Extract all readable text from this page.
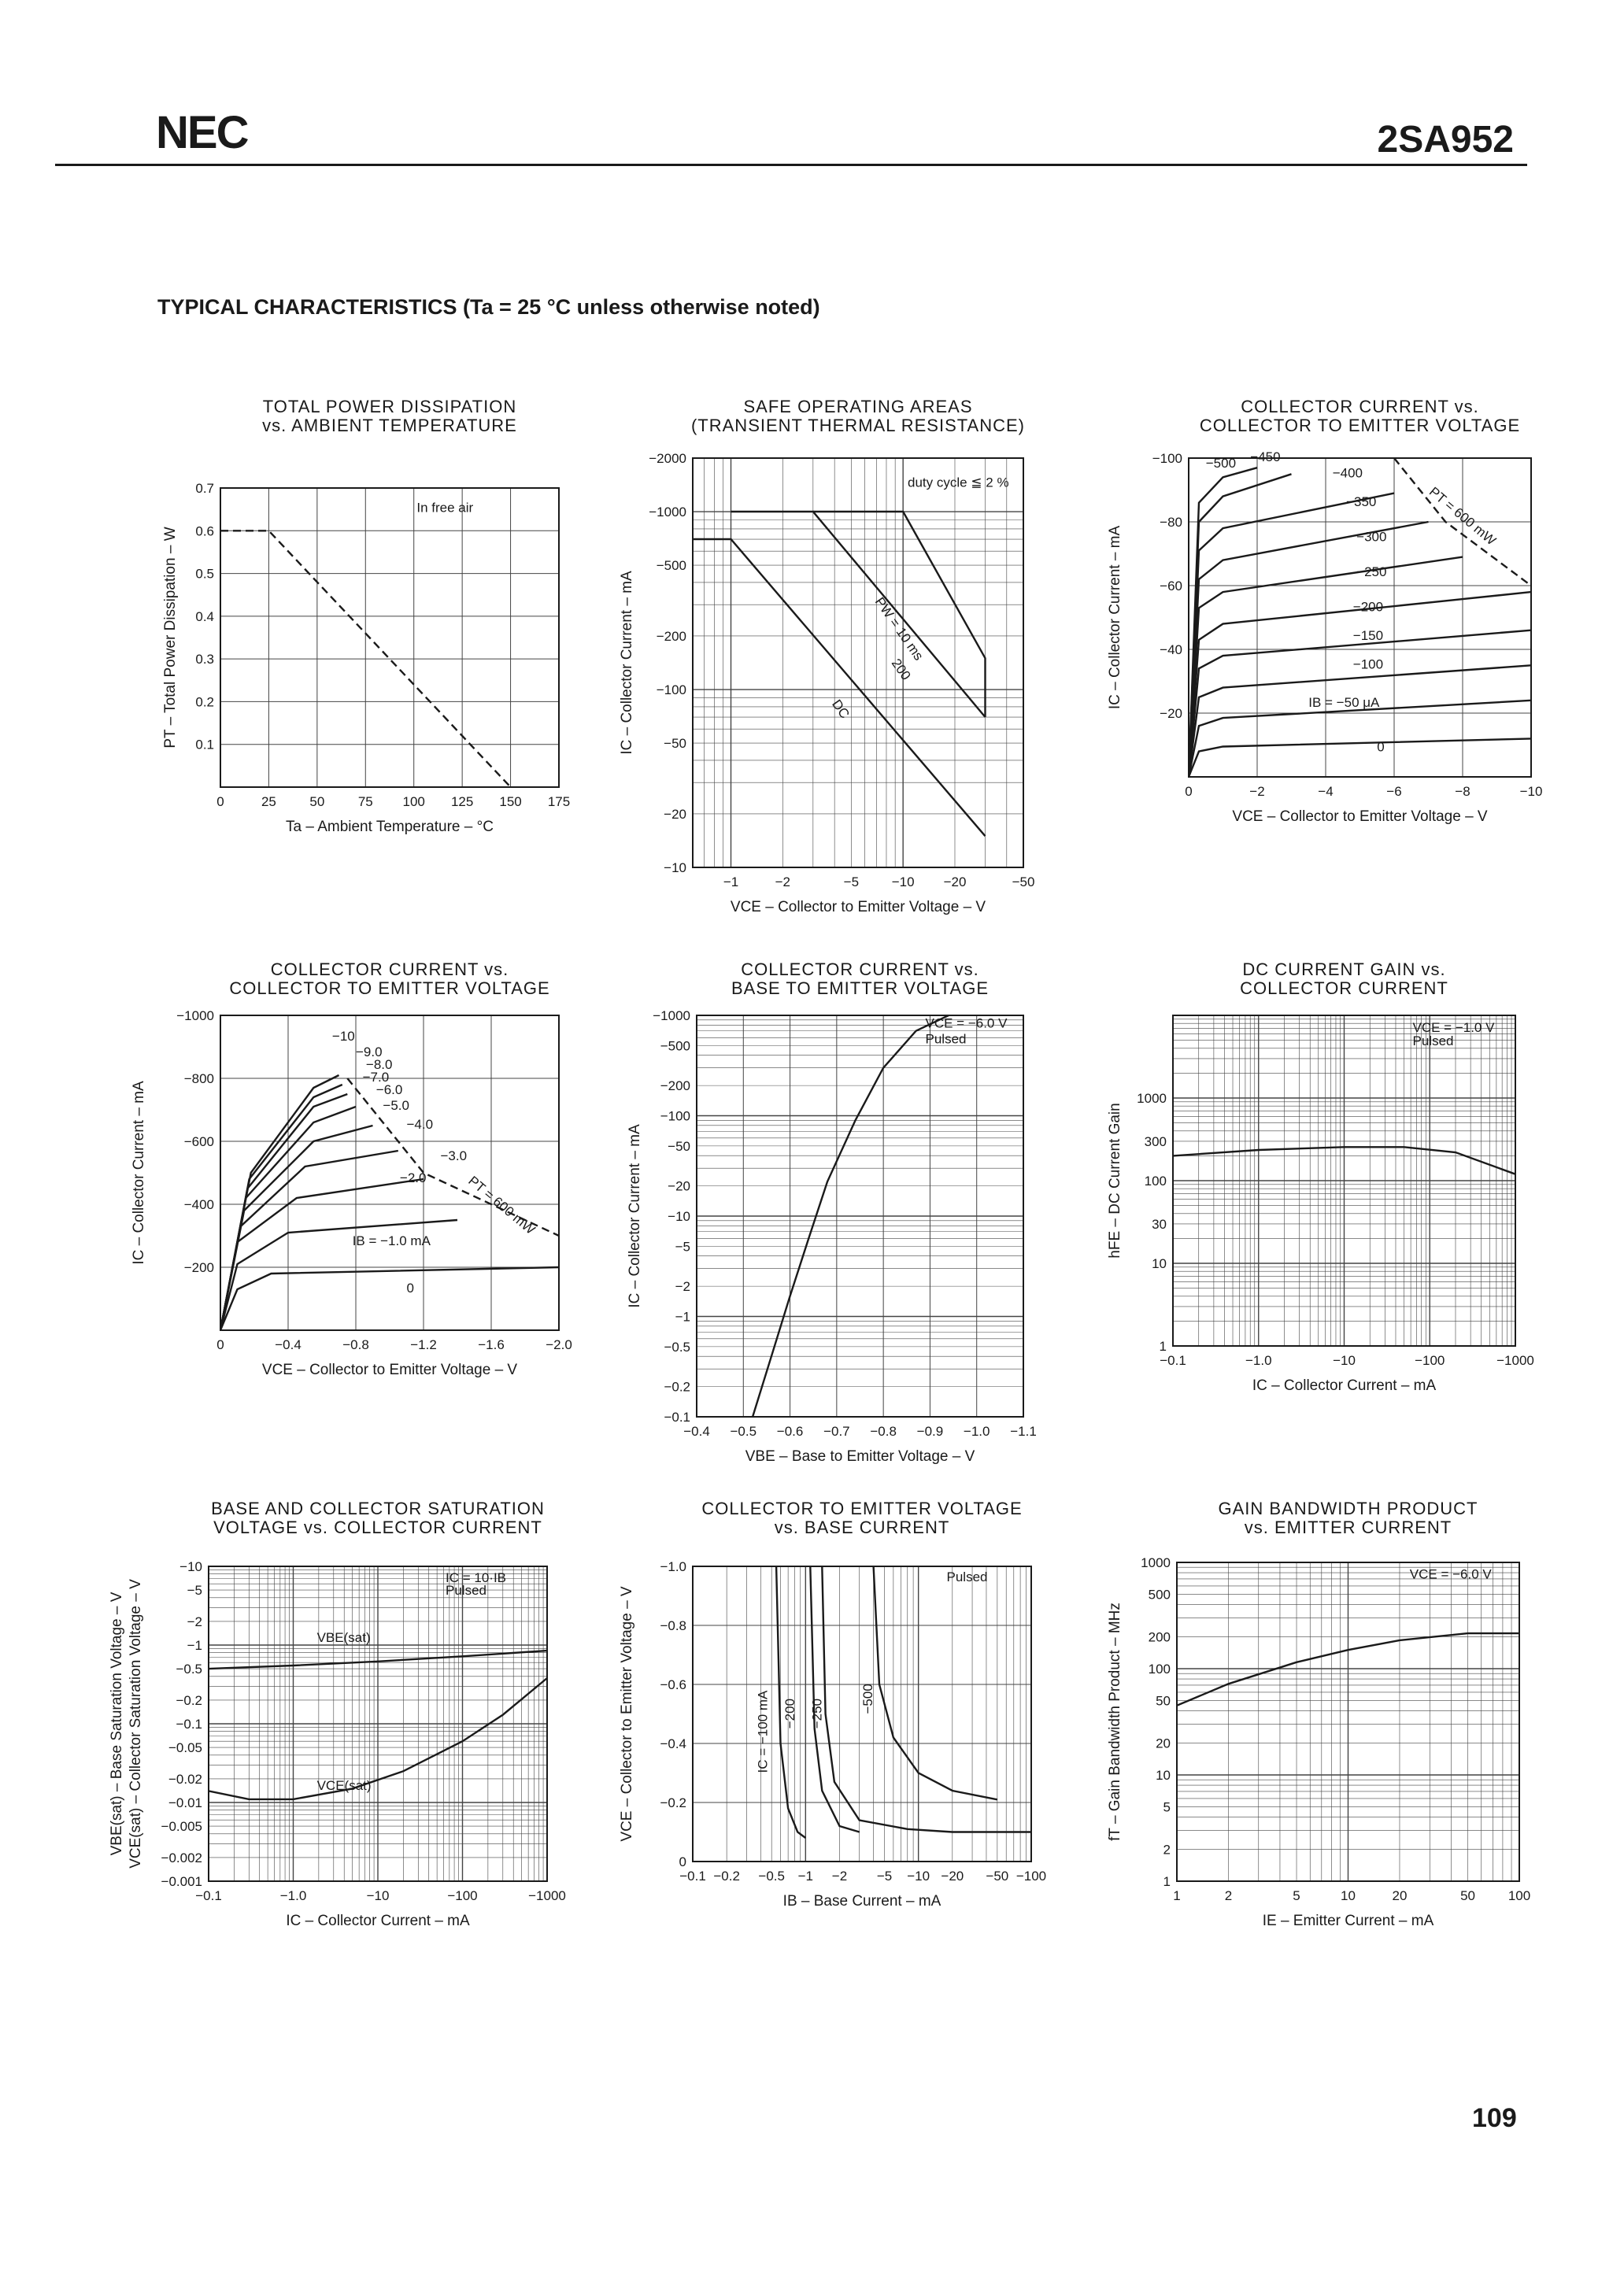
NEC	2SA952
TYPICAL CHARACTERISTICS (Ta = 25 °C unless otherwise noted)
109
TOTAL POWER DISSIPATION
vs. AMBIENT TEMPERATURE
0	25	50	75 100 125 150 175
0.1
0.2
0.3
0.4
0.5
0.6
0.7
Ta – Ambient Temperature – °C
PT – Total Power Dissipation – W
In free air
SAFE OPERATING AREAS
(TRANSIENT THERMAL RESISTANCE)
−1	−2	−5 −10 −20	−50
−10
−20
−50
−100
−200
−500
−1000
−2000
VCE – Collector to Emitter Voltage – V
IC – Collector Current – mA
duty cycle ≦ 2 %
PW = 10 ms
200
DC
COLLECTOR CURRENT vs.
COLLECTOR TO EMITTER VOLTAGE
0	−2	−4	−6	−8	−10
−20
−40
−60
−80
−100
VCE – Collector to Emitter Voltage – V
IC – Collector Current – mA
−500 −450
−400
−350
−300
−250
−200
−150
−100
IB = −50 μA
0
PT = 600 mW
COLLECTOR CURRENT vs.
COLLECTOR TO EMITTER VOLTAGE
0	−0.4	−0.8	−1.2	−1.6	−2.0
−200
−400
−600
−800
−1000
VCE – Collector to Emitter Voltage – V
IC – Collector Current – mA
−10
−9.0
−8.0
−7.0
−6.0
−5.0
−4.0
−3.0
−2.0
IB = −1.0 mA
0
PT = 600 mW
COLLECTOR CURRENT vs.
BASE TO EMITTER VOLTAGE
−0.4 −0.5 −0.6 −0.7 −0.8 −0.9 −1.0 −1.1
−0.1
−0.2
−0.5
−1
−2
−5
−10
−20
−50
−100
−200
−500
−1000
VBE – Base to Emitter Voltage – V
IC – Collector Current – mA
VCE = −6.0 V
Pulsed
DC CURRENT GAIN vs.
COLLECTOR CURRENT
−0.1	−1.0	−10	−100	−1000
1
10
30
100
300
1000
IC – Collector Current – mA
hFE – DC Current Gain
VCE = −1.0 V
Pulsed
BASE AND COLLECTOR SATURATION
VOLTAGE vs. COLLECTOR CURRENT
−0.1	−1.0	−10	−100	−1000
−0.001
−0.002
−0.005
−0.01
−0.02
−0.05
−0.1
−0.2
−0.5
−1
−2
−5
−10
IC – Collector Current – mA
VBE(sat) – Base Saturation Voltage – V VCE(sat) – Collector Saturation Voltage – V
IC = 10·IB
Pulsed
VBE(sat)
VCE(sat)
COLLECTOR TO EMITTER VOLTAGE
vs. BASE CURRENT
−0.1 −0.2 −0.5 −1 −2 −5 −10 −20 −50 −100
0
−0.2
−0.4
−0.6
−0.8
−1.0
IB – Base Current – mA
VCE – Collector to Emitter Voltage – V
Pulsed
IC = −100 mA −200 −250	−500
GAIN BANDWIDTH PRODUCT
vs. EMITTER CURRENT
1	2	5	10	20	50 100
1
2
5
10
20
50
100
200
500
1000
IE – Emitter Current – mA
fT – Gain Bandwidth Product – MHz
VCE = −6.0 V
